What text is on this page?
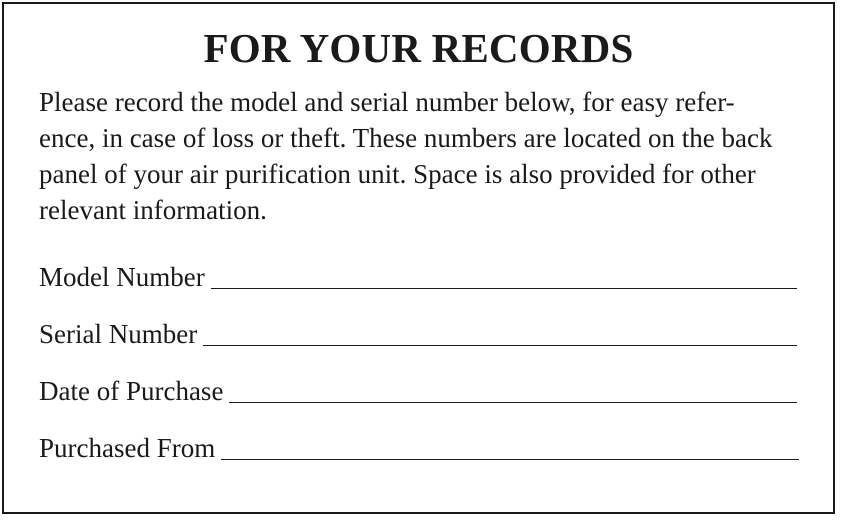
FOR YOUR RECORDS

Please record the model and serial number below, for easy refer-
ence, in case of loss or theft. These numbers are located on the back
panel of your air purification unit. Space is also provided for other
relevant information.

Model Number
Serial Number
Date of Purchase
Purchased From
